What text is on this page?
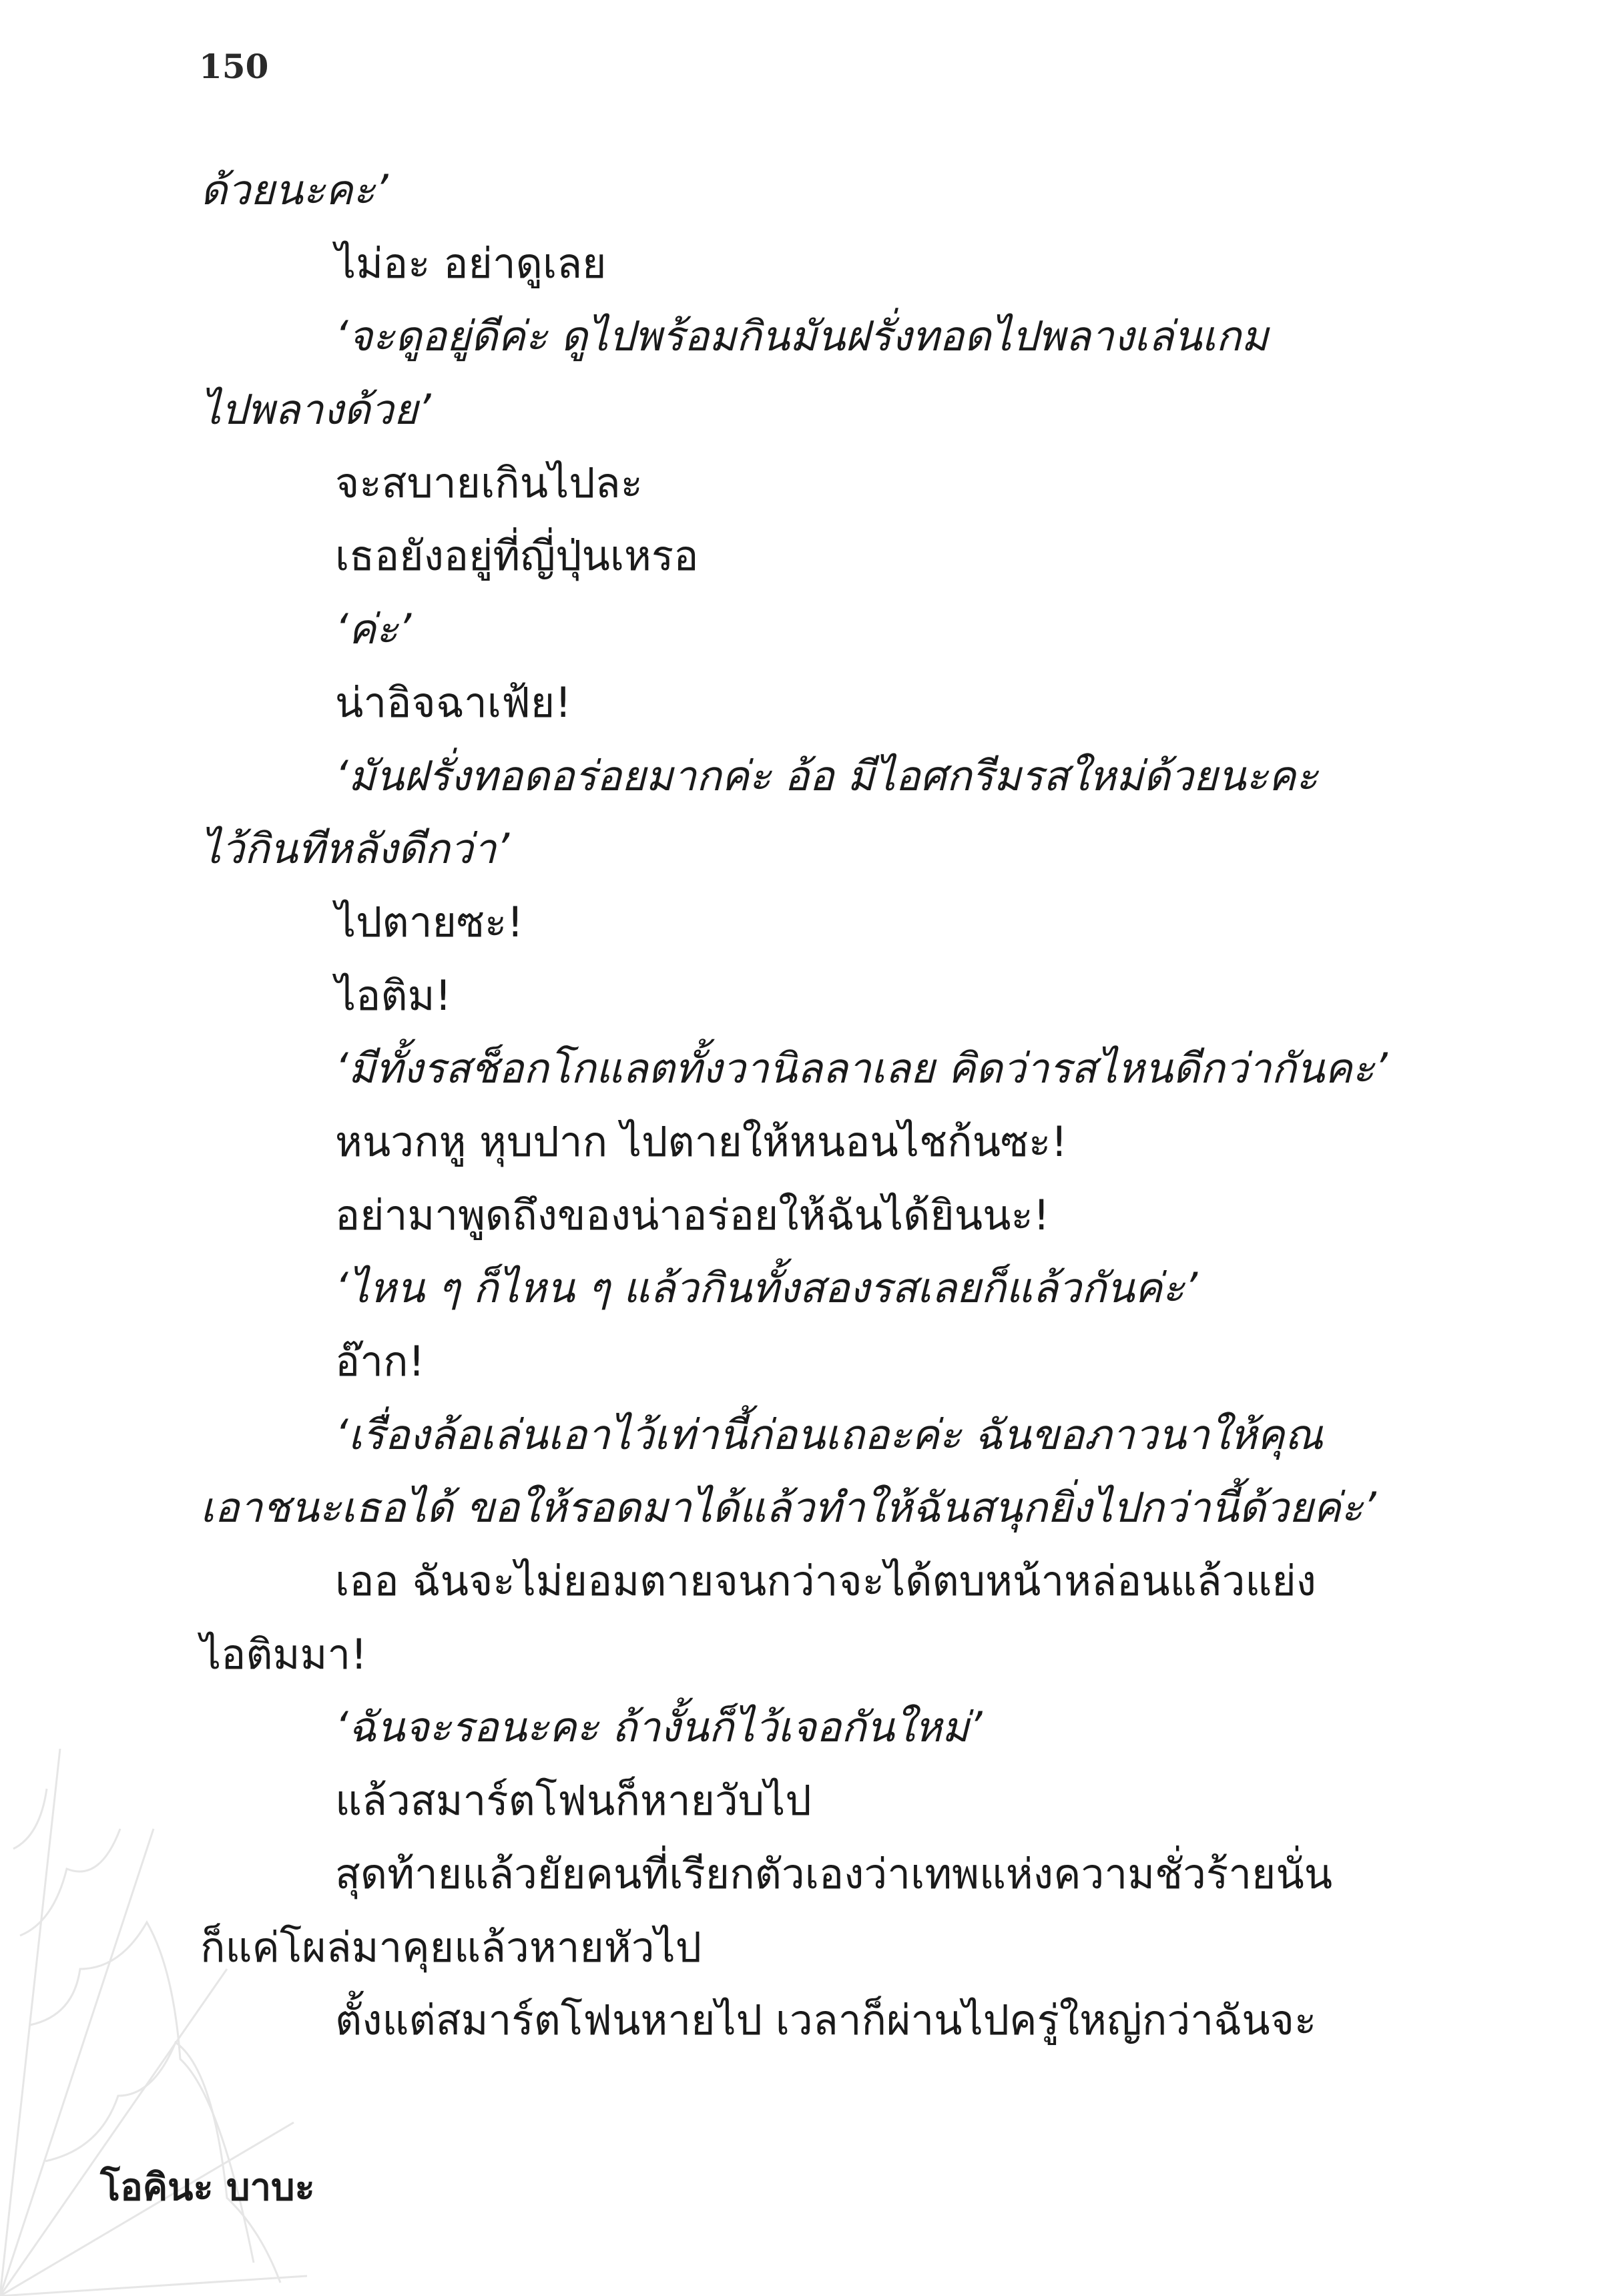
150
ด้วยนะคะ’
ไม่อะ อย่าดูเลย
‘จะดูอยู่ดีค่ะ ดูไปพร้อมกินมันฝรั่งทอดไปพลางเล่นเกม
ไปพลางด้วย’
จะสบายเกินไปละ
เธอยังอยู่ที่ญี่ปุ่นเหรอ
‘ค่ะ’
น่าอิจฉาเฟ้ย!
‘มันฝรั่งทอดอร่อยมากค่ะ อ้อ มีไอศกรีมรสใหม่ด้วยนะคะ
ไว้กินทีหลังดีกว่า’
ไปตายซะ!
ไอติม!
‘มีทั้งรสช็อกโกแลตทั้งวานิลลาเลย คิดว่ารสไหนดีกว่ากันคะ’
หนวกหู หุบปาก ไปตายให้หนอนไชก้นซะ!
อย่ามาพูดถึงของน่าอร่อยให้ฉันได้ยินนะ!
‘ไหน ๆ ก็ไหน ๆ แล้วกินทั้งสองรสเลยก็แล้วกันค่ะ’
อ๊าก!
‘เรื่องล้อเล่นเอาไว้เท่านี้ก่อนเถอะค่ะ ฉันขอภาวนาให้คุณ
เอาชนะเธอได้ ขอให้รอดมาได้แล้วทำให้ฉันสนุกยิ่งไปกว่านี้ด้วยค่ะ’
เออ ฉันจะไม่ยอมตายจนกว่าจะได้ตบหน้าหล่อนแล้วแย่ง
ไอติมมา!
‘ฉันจะรอนะคะ ถ้างั้นก็ไว้เจอกันใหม่’
แล้วสมาร์ตโฟนก็หายวับไป
สุดท้ายแล้วยัยคนที่เรียกตัวเองว่าเทพแห่งความชั่วร้ายนั่น
ก็แค่โผล่มาคุยแล้วหายหัวไป
ตั้งแต่สมาร์ตโฟนหายไป เวลาก็ผ่านไปครู่ใหญ่กว่าฉันจะ
โอคินะ บาบะ
